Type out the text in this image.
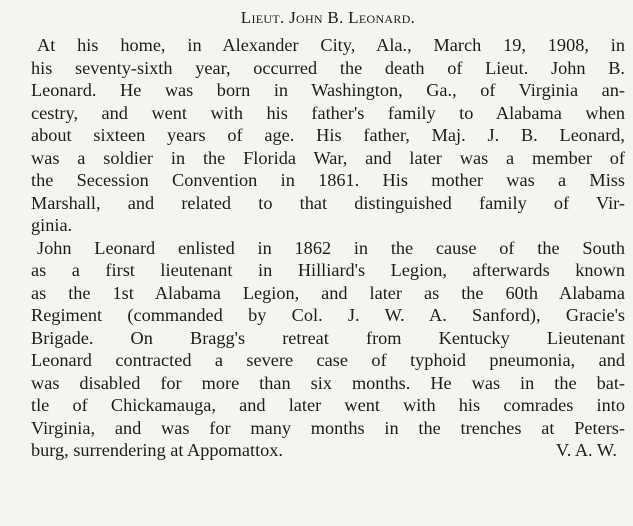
Lieut. John B. Leonard.
At his home, in Alexander City, Ala., March 19, 1908, in
his seventy-sixth year, occurred the death of Lieut. John B.
Leonard. He was born in Washington, Ga., of Virginia an-
cestry, and went with his father's family to Alabama when
about sixteen years of age. His father, Maj. J. B. Leonard,
was a soldier in the Florida War, and later was a member of
the Secession Convention in 1861. His mother was a Miss
Marshall, and related to that distinguished family of Vir-
ginia.
John Leonard enlisted in 1862 in the cause of the South
as a first lieutenant in Hilliard's Legion, afterwards known
as the 1st Alabama Legion, and later as the 60th Alabama
Regiment (commanded by Col. J. W. A. Sanford), Gracie's
Brigade. On Bragg's retreat from Kentucky Lieutenant
Leonard contracted a severe case of typhoid pneumonia, and
was disabled for more than six months. He was in the bat-
tle of Chickamauga, and later went with his comrades into
Virginia, and was for many months in the trenches at Peters-
burg, surrendering at Appomattox.	V. A. W.
